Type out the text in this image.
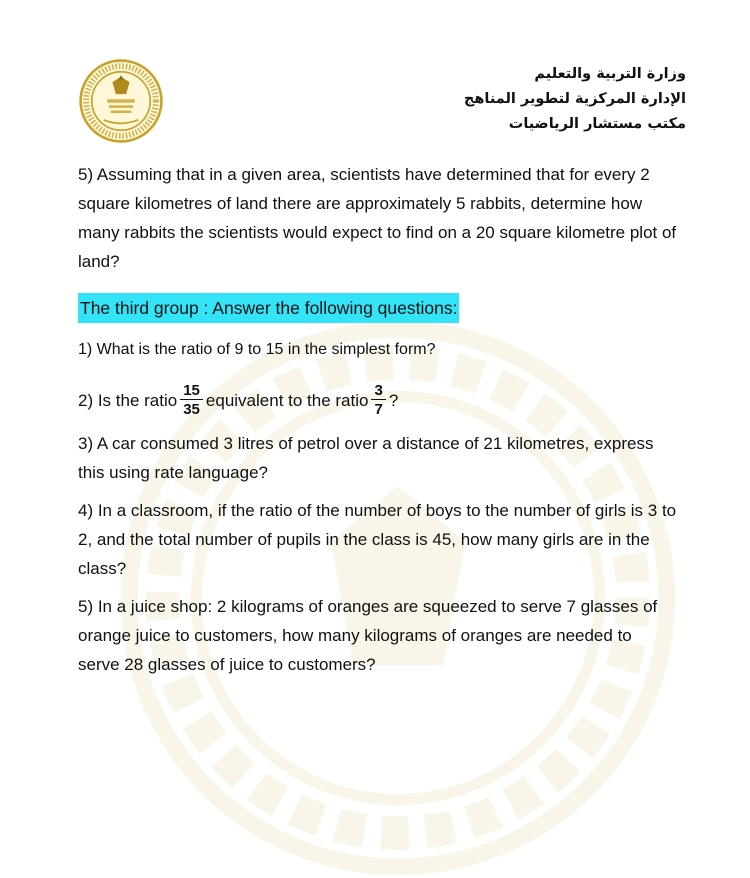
وزارة التربية والتعليم
الإدارة المركزية لتطوير المناهج
مكتب مستشار الرياضيات

5) Assuming that in a given area, scientists have determined that for every 2 square kilometres of land there are approximately 5 rabbits, determine how many rabbits the scientists would expect to find on a 20 square kilometre plot of land?

The third group : Answer the following questions:

1) What is the ratio of 9 to 15 in the simplest form?

2) Is the ratio $\frac{15}{35}$ equivalent to the ratio $\frac{3}{7}$ ?

3) A car consumed 3 litres of petrol over a distance of 21 kilometres, express this using rate language?

4) In a classroom, if the ratio of the number of boys to the number of girls is 3 to 2, and the total number of pupils in the class is 45, how many girls are in the class?

5) In a juice shop: 2 kilograms of oranges are squeezed to serve 7 glasses of orange juice to customers, how many kilograms of oranges are needed to serve 28 glasses of juice to customers?
